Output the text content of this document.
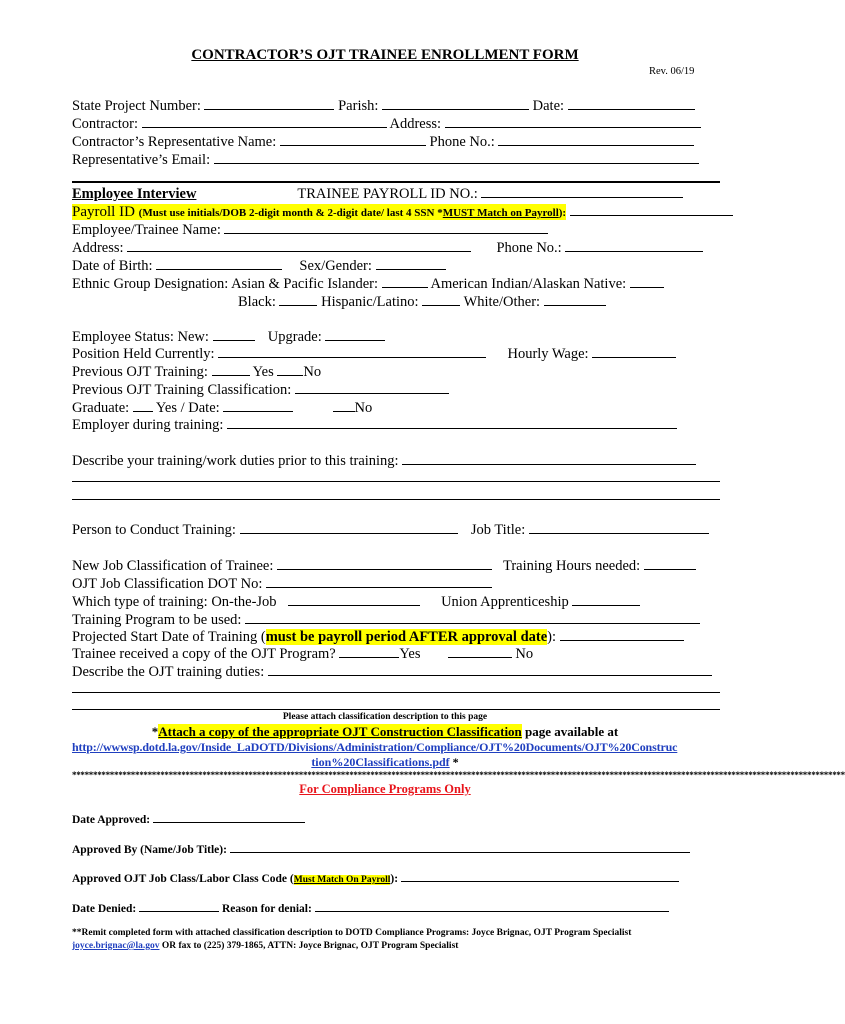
CONTRACTOR’S OJT TRAINEE ENROLLMENT FORM
Rev. 06/19
State Project Number:	Parish:	Date:
Contractor:	Address:
Contractor’s Representative Name:	Phone No.:
Representative’s Email:
Employee Interview	TRAINEE PAYROLL ID NO.:
Payroll ID (Must use initials/DOB 2-digit month & 2-digit date/ last 4 SSN *MUST Match on Payroll):
Employee/Trainee Name:
Address:	Phone No.:
Date of Birth:	Sex/Gender:
Ethnic Group Designation: Asian & Pacific Islander:	American Indian/Alaskan Native:
Black:	Hispanic/Latino:	White/Other:
Employee Status: New:	Upgrade:
Position Held Currently:	Hourly Wage:
Previous OJT Training:	Yes No
Previous OJT Training Classification:
Graduate: Yes / Date:	No
Employer during training:
Describe your training/work duties prior to this training:
Person to Conduct Training:	Job Title:
New Job Classification of Trainee:	Training Hours needed:
OJT Job Classification DOT No:
Which type of training: On-the-Job	Union Apprenticeship
Training Program to be used:
Projected Start Date of Training (must be payroll period AFTER approval date):
Trainee received a copy of the OJT Program?	Yes	No
Describe the OJT training duties:
Please attach classification description to this page
*Attach a copy of the appropriate OJT Construction Classification page available at
http://wwwsp.dotd.la.gov/Inside_LaDOTD/Divisions/Administration/Compliance/OJT%20Documents/OJT%20Construc
tion%20Classifications.pdf *
****************************************************************************************************************************************************************************************
For Compliance Programs Only
Date Approved:
Approved By (Name/Job Title):
Approved OJT Job Class/Labor Class Code (Must Match On Payroll):
Date Denied:	Reason for denial:
**Remit completed form with attached classification description to DOTD Compliance Programs: Joyce Brignac, OJT Program Specialist
joyce.brignac@la.gov OR fax to (225) 379-1865, ATTN: Joyce Brignac, OJT Program Specialist
